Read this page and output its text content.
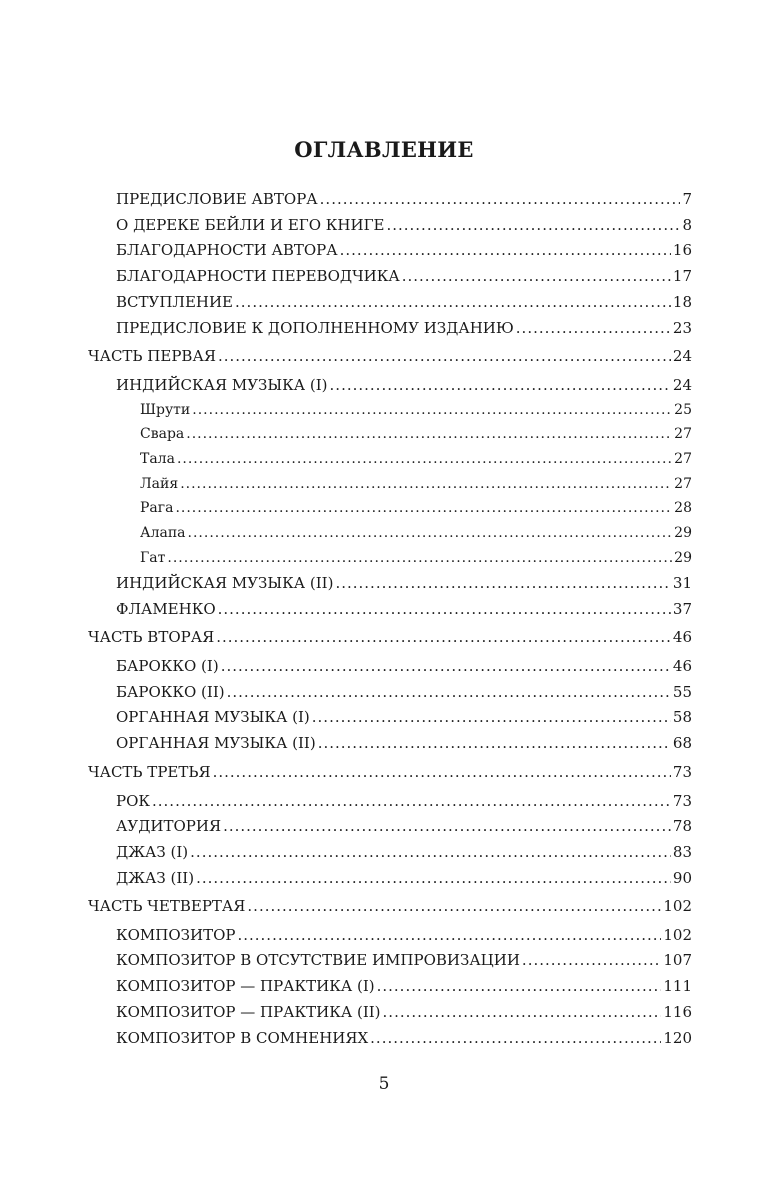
ОГЛАВЛЕНИЕ
ПРЕДИСЛОВИЕ АВТОРА .....	7
О ДЕРЕКЕ БЕЙЛИ И ЕГО КНИГЕ .....	8
БЛАГОДАРНОСТИ АВТОРА .....	16
БЛАГОДАРНОСТИ ПЕРЕВОДЧИКА .....	17
ВСТУПЛЕНИЕ .....	18
ПРЕДИСЛОВИЕ К ДОПОЛНЕННОМУ ИЗДАНИЮ .....	23
ЧАСТЬ ПЕРВАЯ .....	24
ИНДИЙСКАЯ МУЗЫКА (I) .....	24
Шрути .....	25
Свара .....	27
Тала .....	27
Лайя .....	27
Рага .....	28
Алапа .....	29
Гат .....	29
ИНДИЙСКАЯ МУЗЫКА (II) .....	31
ФЛАМЕНКО .....	37
ЧАСТЬ ВТОРАЯ .....	46
БАРОККО (I) .....	46
БАРОККО (II) .....	55
ОРГАННАЯ МУЗЫКА (I) .....	58
ОРГАННАЯ МУЗЫКА (II) .....	68
ЧАСТЬ ТРЕТЬЯ .....	73
РОК .....	73
АУДИТОРИЯ .....	78
ДЖАЗ (I) .....	83
ДЖАЗ (II) .....	90
ЧАСТЬ ЧЕТВЕРТАЯ .....	102
КОМПОЗИТОР .....	102
КОМПОЗИТОР В ОТСУТСТВИЕ ИМПРОВИЗАЦИИ .....	107
КОМПОЗИТОР — ПРАКТИКА (I) .....	111
КОМПОЗИТОР — ПРАКТИКА (II) .....	116
КОМПОЗИТОР В СОМНЕНИЯХ .....	120
5
